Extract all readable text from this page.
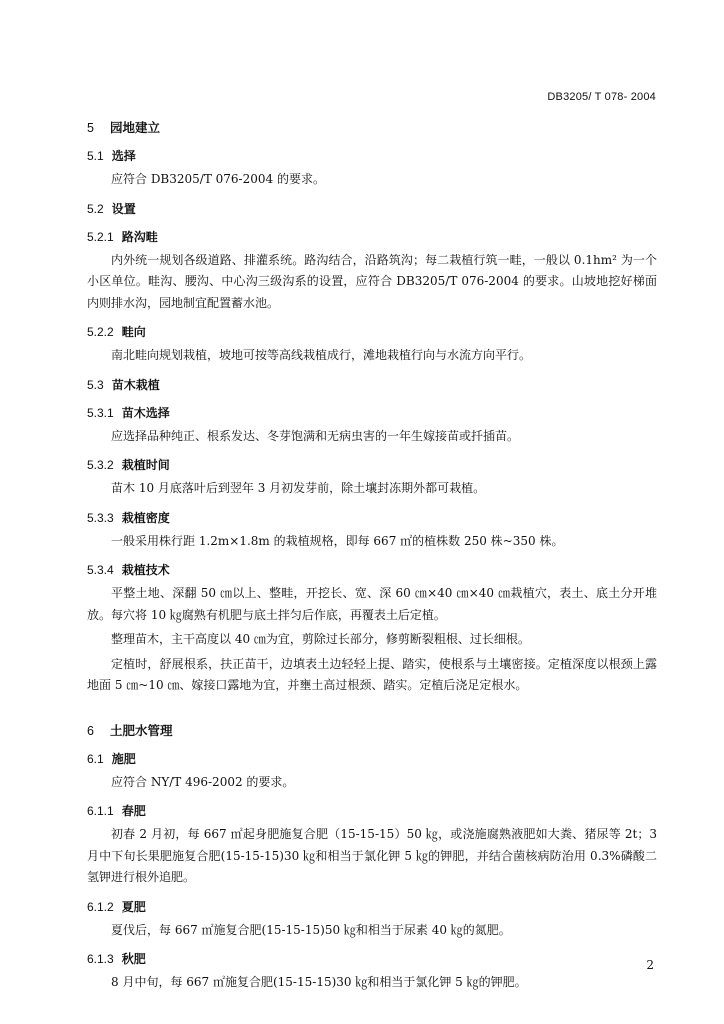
DB3205/ T 078- 2004
5	园地建立
5.1 选择
应符合 DB3205/T 076-2004 的要求。
5.2 设置
5.2.1 路沟畦
内外统一规划各级道路、排灌系统。路沟结合，沿路筑沟；每二栽植行筑一畦，一般以 0.1hm² 为一个小区单位。畦沟、腰沟、中心沟三级沟系的设置，应符合 DB3205/T 076-2004 的要求。山坡地挖好梯面内则排水沟，园地制宜配置蓄水池。
5.2.2 畦向
南北畦向规划栽植，坡地可按等高线栽植成行，滩地栽植行向与水流方向平行。
5.3 苗木栽植
5.3.1 苗木选择
应选择品种纯正、根系发达、冬芽饱满和无病虫害的一年生嫁接苗或扦插苗。
5.3.2 栽植时间
苗木 10 月底落叶后到翌年 3 月初发芽前，除土壤封冻期外都可栽植。
5.3.3 栽植密度
一般采用株行距 1.2m×1.8m 的栽植规格，即每 667 ㎡的植株数 250 株~350 株。
5.3.4 栽植技术
平整土地、深翻 50 ㎝以上、整畦，开挖长、宽、深 60 ㎝×40 ㎝×40 ㎝栽植穴，表土、底土分开堆放。每穴将 10 ㎏腐熟有机肥与底土拌匀后作底，再覆表土后定植。
整理苗木，主干高度以 40 ㎝为宜，剪除过长部分，修剪断裂粗根、过长细根。
定植时，舒展根系，扶正苗干，边填表土边轻轻上提、踏实，使根系与土壤密接。定植深度以根颈上露地面 5 ㎝~10 ㎝、嫁接口露地为宜，并壅土高过根颈、踏实。定植后浇足定根水。
6	土肥水管理
6.1 施肥
应符合 NY/T 496-2002 的要求。
6.1.1 春肥
初春 2 月初，每 667 ㎡起身肥施复合肥（15-15-15）50 ㎏，或浇施腐熟液肥如大粪、猪尿等 2t；3 月中下旬长果肥施复合肥(15-15-15)30 ㎏和相当于氯化钾 5 ㎏的钾肥，并结合菌核病防治用 0.3%磷酸二氢钾进行根外追肥。
6.1.2 夏肥
夏伐后，每 667 ㎡施复合肥(15-15-15)50 ㎏和相当于尿素 40 ㎏的氮肥。
6.1.3 秋肥
8 月中旬，每 667 ㎡施复合肥(15-15-15)30 ㎏和相当于氯化钾 5 ㎏的钾肥。
2
